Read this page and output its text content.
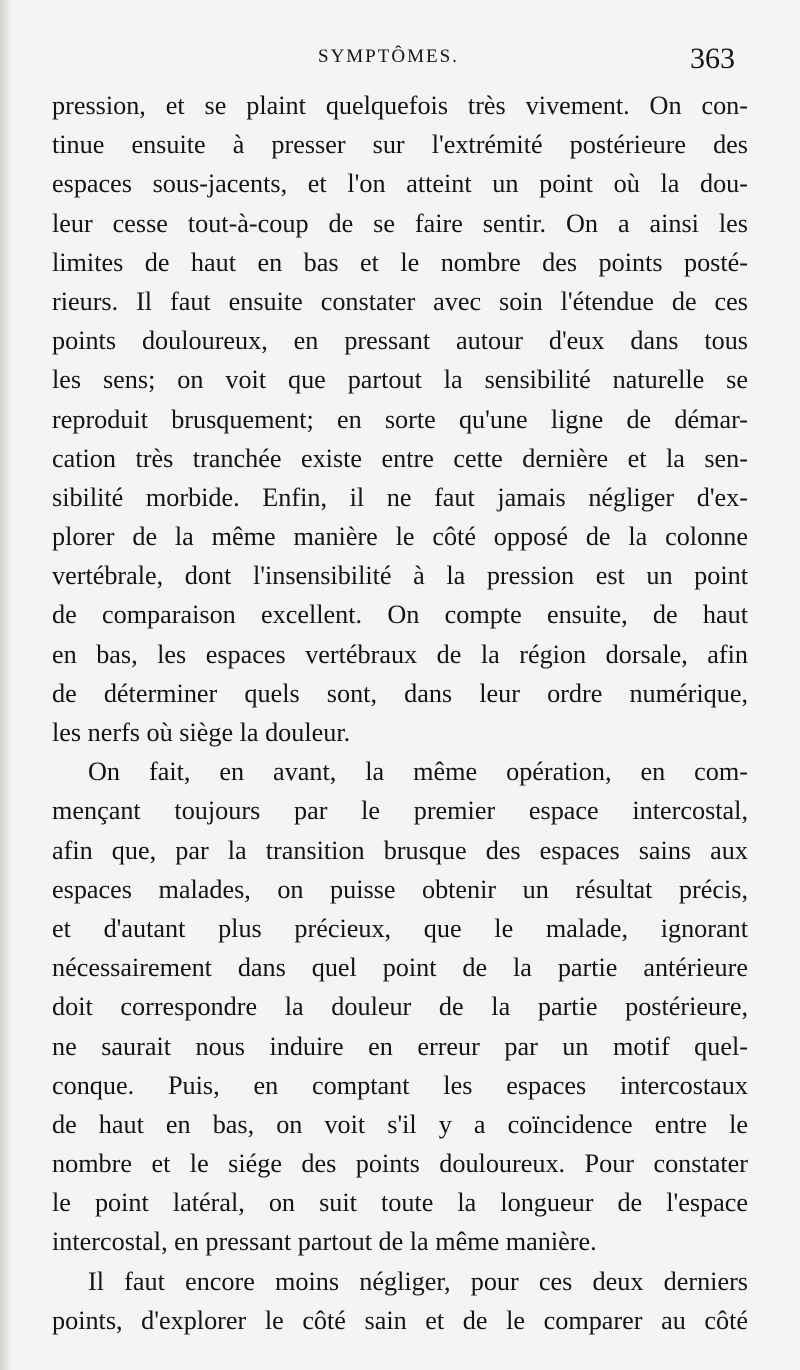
SYMPTÔMES.	363
pression, et se plaint quelquefois très vivement. On con-
tinue ensuite à presser sur l'extrémité postérieure des
espaces sous-jacents, et l'on atteint un point où la dou-
leur cesse tout-à-coup de se faire sentir. On a ainsi les
limites de haut en bas et le nombre des points posté-
rieurs. Il faut ensuite constater avec soin l'étendue de ces
points douloureux, en pressant autour d'eux dans tous
les sens; on voit que partout la sensibilité naturelle se
reproduit brusquement; en sorte qu'une ligne de démar-
cation très tranchée existe entre cette dernière et la sen-
sibilité morbide. Enfin, il ne faut jamais négliger d'ex-
plorer de la même manière le côté opposé de la colonne
vertébrale, dont l'insensibilité à la pression est un point
de comparaison excellent. On compte ensuite, de haut
en bas, les espaces vertébraux de la région dorsale, afin
de déterminer quels sont, dans leur ordre numérique,
les nerfs où siège la douleur.
On fait, en avant, la même opération, en com-
mençant toujours par le premier espace intercostal,
afin que, par la transition brusque des espaces sains aux
espaces malades, on puisse obtenir un résultat précis,
et d'autant plus précieux, que le malade, ignorant
nécessairement dans quel point de la partie antérieure
doit correspondre la douleur de la partie postérieure,
ne saurait nous induire en erreur par un motif quel-
conque. Puis, en comptant les espaces intercostaux
de haut en bas, on voit s'il y a coïncidence entre le
nombre et le siége des points douloureux. Pour constater
le point latéral, on suit toute la longueur de l'espace
intercostal, en pressant partout de la même manière.
Il faut encore moins négliger, pour ces deux derniers
points, d'explorer le côté sain et de le comparer au côté
